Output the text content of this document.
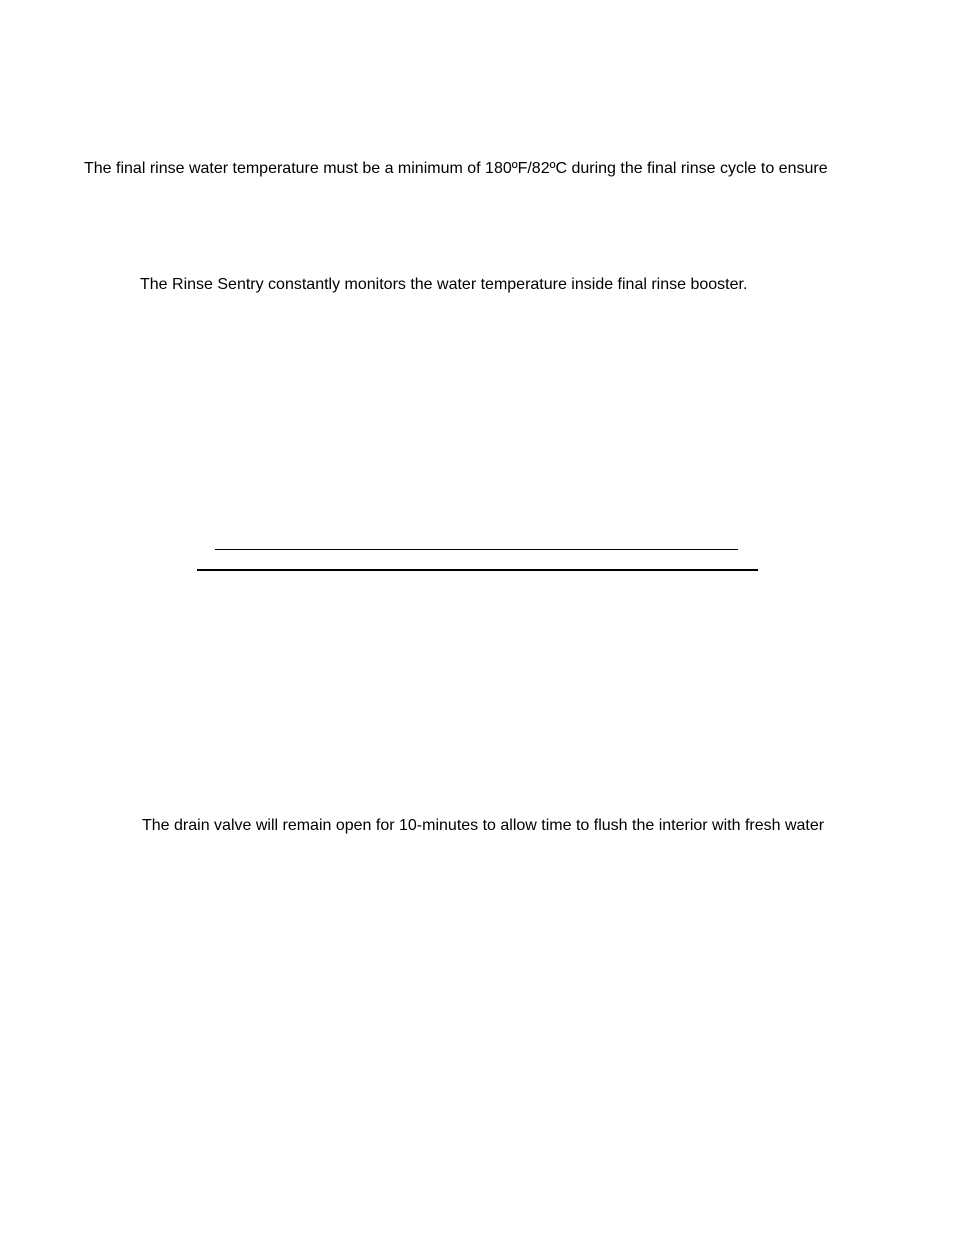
The final rinse water temperature must be a minimum of 180ºF/82ºC during the final rinse cycle to ensure

The Rinse Sentry constantly monitors the water temperature inside final rinse booster.

The drain valve will remain open for 10-minutes to allow time to flush the interior with fresh water
